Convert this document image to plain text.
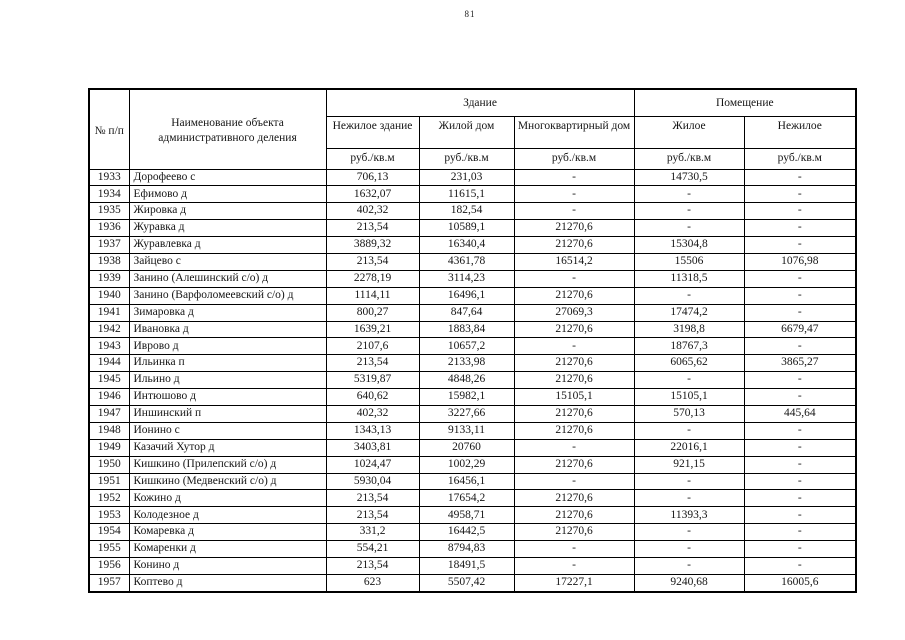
81
№ п/п	Наименование объекта административного деления	Здание			Помещение	
		Нежилое здание	Жилой дом	Многоквартирный дом	Жилое	Нежилое
		руб./кв.м	руб./кв.м	руб./кв.м	руб./кв.м	руб./кв.м
1933	Дорофеево с	706,13	231,03	-	14730,5	-
1934	Ефимово д	1632,07	11615,1	-	-	-
1935	Жировка д	402,32	182,54	-	-	-
1936	Журавка д	213,54	10589,1	21270,6	-	-
1937	Журавлевка д	3889,32	16340,4	21270,6	15304,8	-
1938	Зайцево с	213,54	4361,78	16514,2	15506	1076,98
1939	Занино (Алешинский с/о) д	2278,19	3114,23	-	11318,5	-
1940	Занино (Варфоломеевский с/о) д	1114,11	16496,1	21270,6	-	-
1941	Зимаровка д	800,27	847,64	27069,3	17474,2	-
1942	Ивановка д	1639,21	1883,84	21270,6	3198,8	6679,47
1943	Иврово д	2107,6	10657,2	-	18767,3	-
1944	Ильинка п	213,54	2133,98	21270,6	6065,62	3865,27
1945	Ильино д	5319,87	4848,26	21270,6	-	-
1946	Интюшово д	640,62	15982,1	15105,1	15105,1	-
1947	Иншинский п	402,32	3227,66	21270,6	570,13	445,64
1948	Ионино с	1343,13	9133,11	21270,6	-	-
1949	Казачий Хутор д	3403,81	20760	-	22016,1	-
1950	Кишкино (Прилепский с/о) д	1024,47	1002,29	21270,6	921,15	-
1951	Кишкино (Медвенский с/о) д	5930,04	16456,1	-	-	-
1952	Кожино д	213,54	17654,2	21270,6	-	-
1953	Колодезное д	213,54	4958,71	21270,6	11393,3	-
1954	Комаревка д	331,2	16442,5	21270,6	-	-
1955	Комаренки д	554,21	8794,83	-	-	-
1956	Конино д	213,54	18491,5	-	-	-
1957	Коптево д	623	5507,42	17227,1	9240,68	16005,6
